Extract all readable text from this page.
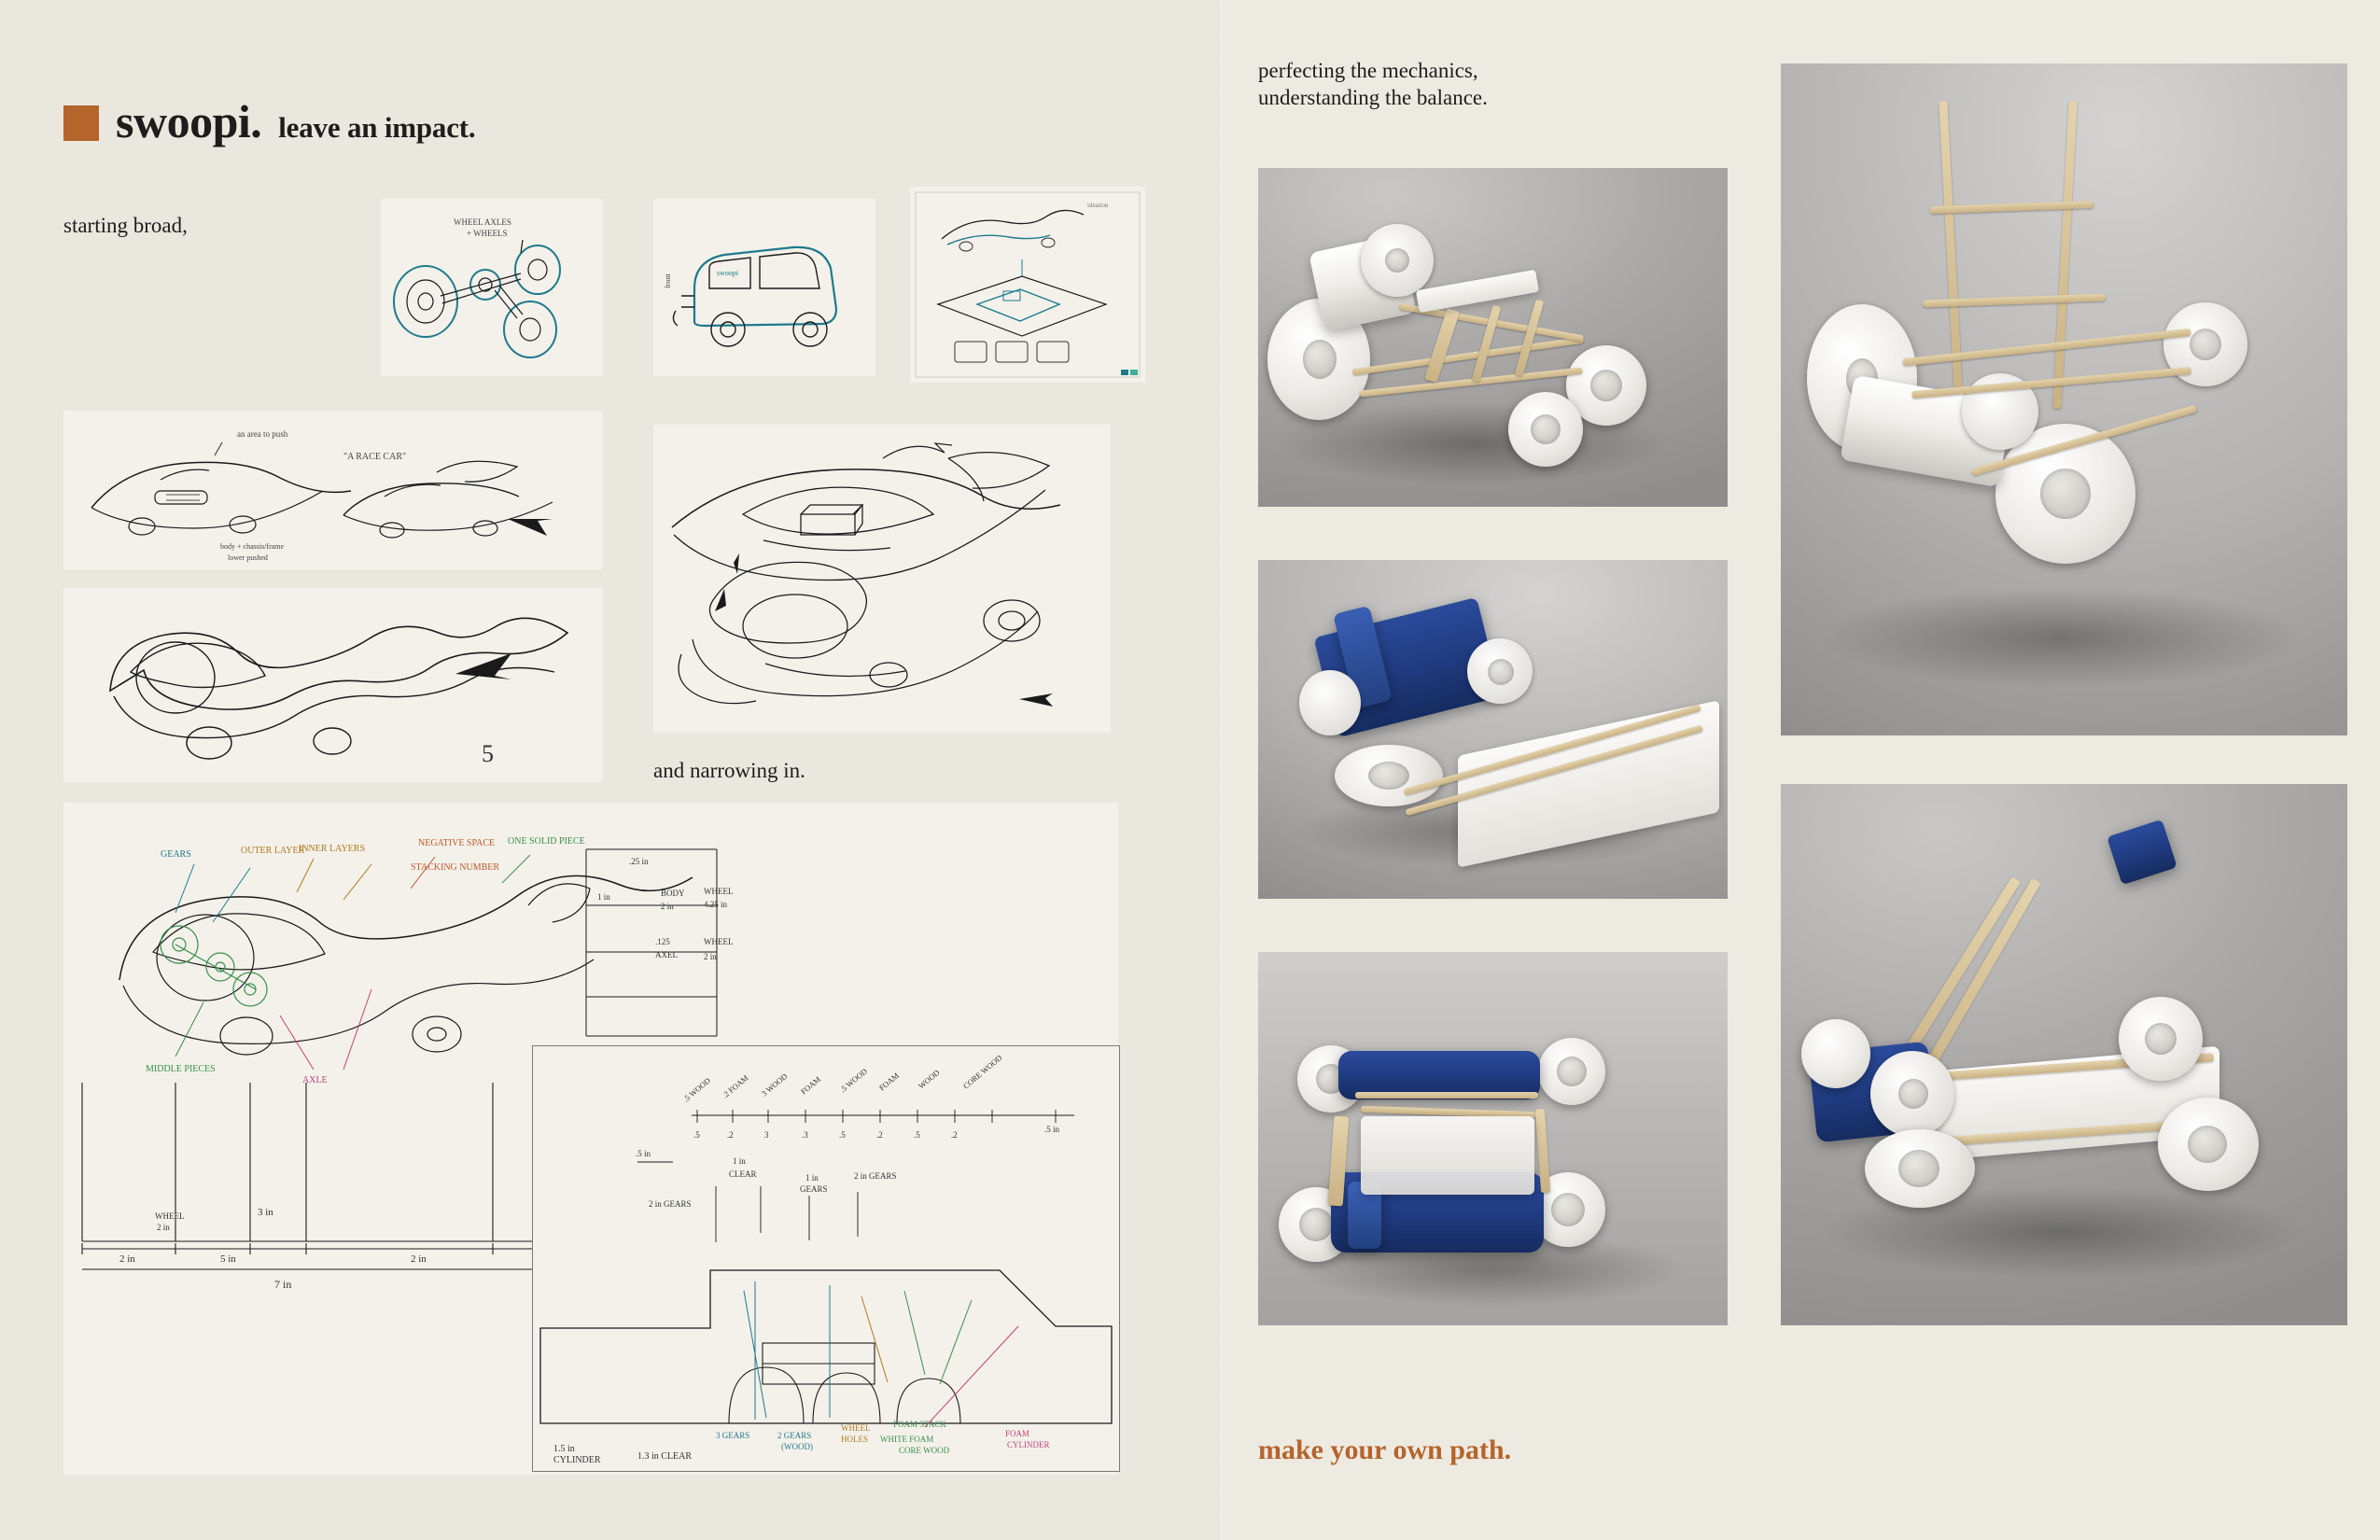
swoopi. leave an impact.
starting broad,
and narrowing in.
WHEEL AXLES
+ WHEELS
swoopi
front
ideation
an area to push
"A RACE CAR"
body + chassis/frame
lower pushed
5
GEARS	OUTER LAYER
INNER LAYERS
NEGATIVE SPACE
STACKING NUMBER
ONE SOLID PIECE
MIDDLE PIECES
AXLE
.25 in
1 in	BODY
2 in
WHEEL
4.25 in
.125
AXEL
WHEEL
2 in
WHEEL
2 in
3 in
2 in	5 in	2 in
7 in
.5 WOOD .2 FOAM 3 WOOD FOAM .5 WOOD FOAM WOOD	CORE WOOD
.5	.2	3	.3	.5	.2	.5	.2
.5 in
.5 in
1 in
CLEAR	1 in
GEARS
2 in GEARS
2 in GEARS
3 GEARS	2 GEARS
(WOOD)
WHEEL
HOLES
FOAM STACK
WHITE FOAM
CORE WOOD
FOAM
CYLINDER
1.5 in
CYLINDER	1.3 in CLEAR
perfecting the mechanics,
understanding the balance.
make your own path.
